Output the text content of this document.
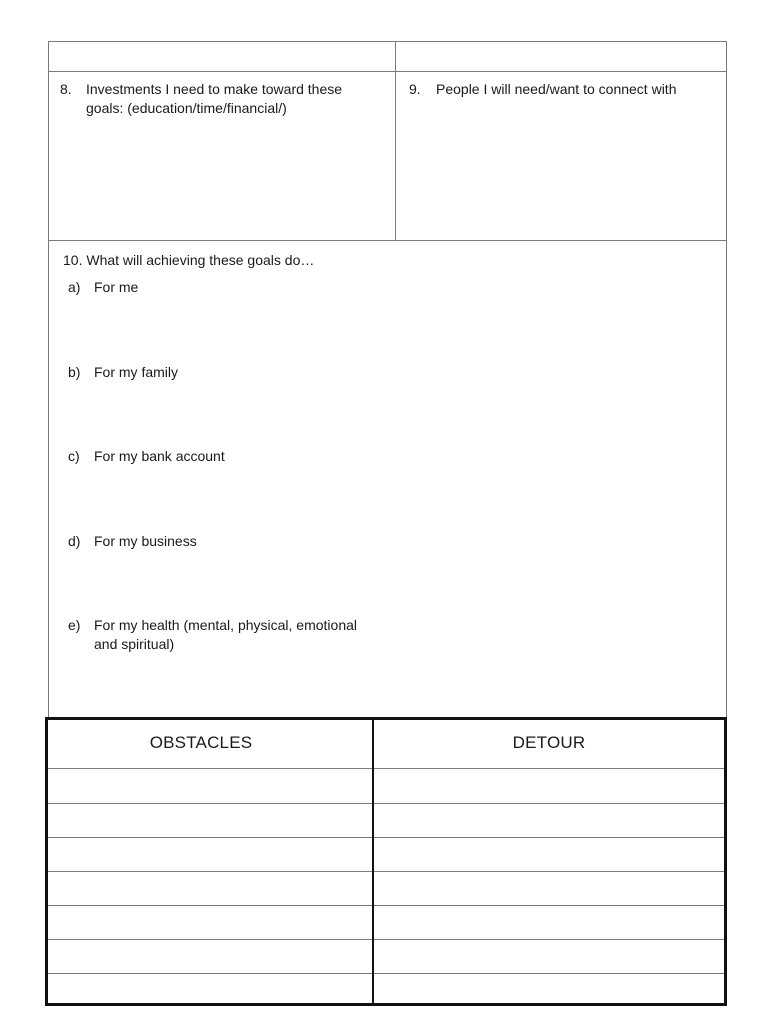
8. Investments I need to make toward these
goals: (education/time/financial/)
9. People I will need/want to connect with
10. What will achieving these goals do…
a) For me
b) For my family
c) For my bank account
d) For my business
e) For my health (mental, physical, emotional
and spiritual)
OBSTACLES	DETOUR
